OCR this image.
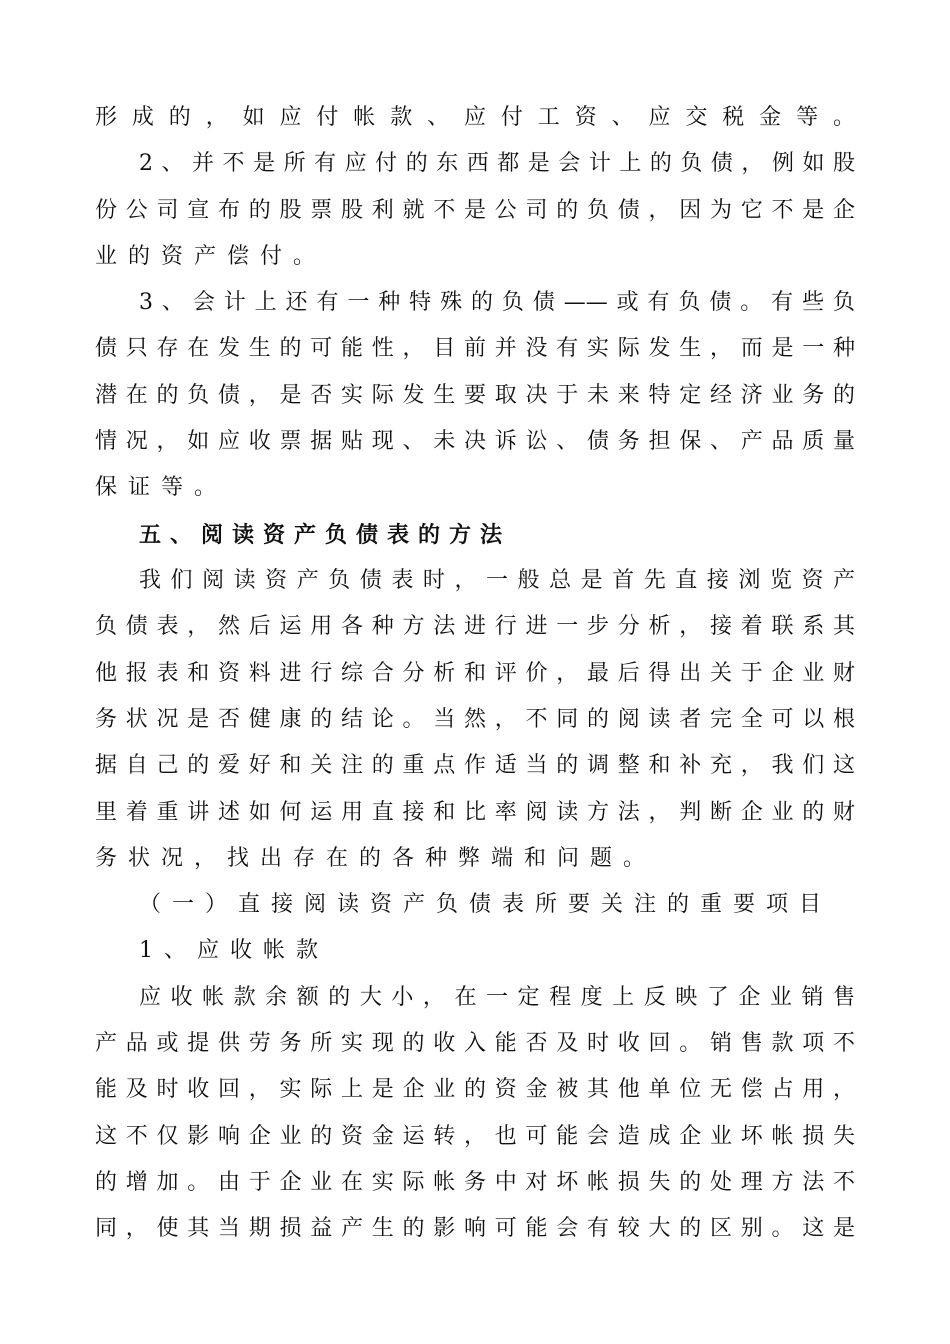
形成的，如应付帐款、应付工资、应交税金等。
2、并不是所有应付的东西都是会计上的负债，例如股
份公司宣布的股票股利就不是公司的负债，因为它不是企
业的资产偿付。
3、会计上还有一种特殊的负债——或有负债。有些负
债只存在发生的可能性，目前并没有实际发生，而是一种
潜在的负债，是否实际发生要取决于未来特定经济业务的
情况，如应收票据贴现、未决诉讼、债务担保、产品质量
保证等。
五、阅读资产负债表的方法
我们阅读资产负债表时，一般总是首先直接浏览资产
负债表，然后运用各种方法进行进一步分析，接着联系其
他报表和资料进行综合分析和评价，最后得出关于企业财
务状况是否健康的结论。当然，不同的阅读者完全可以根
据自己的爱好和关注的重点作适当的调整和补充，我们这
里着重讲述如何运用直接和比率阅读方法，判断企业的财
务状况，找出存在的各种弊端和问题。
（一）直接阅读资产负债表所要关注的重要项目
1、应收帐款
应收帐款余额的大小，在一定程度上反映了企业销售
产品或提供劳务所实现的收入能否及时收回。销售款项不
能及时收回，实际上是企业的资金被其他单位无偿占用，
这不仅影响企业的资金运转，也可能会造成企业坏帐损失
的增加。由于企业在实际帐务中对坏帐损失的处理方法不
同，使其当期损益产生的影响可能会有较大的区别。这是
